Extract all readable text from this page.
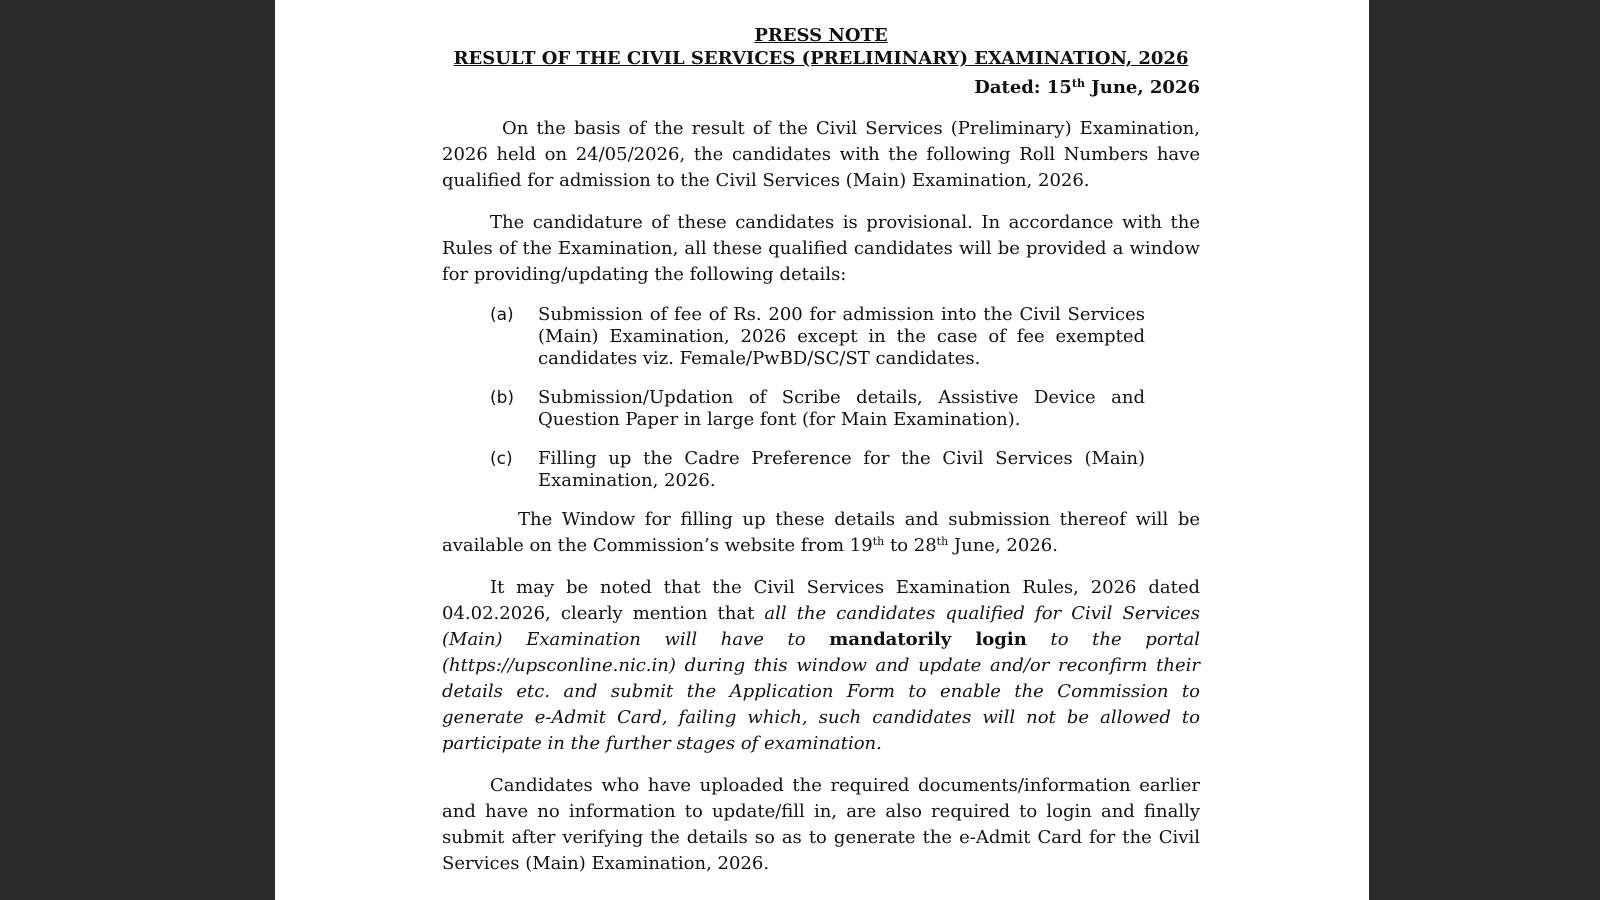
PRESS NOTE
RESULT OF THE CIVIL SERVICES (PRELIMINARY) EXAMINATION, 2026
Dated: 15th June, 2026

On the basis of the result of the Civil Services (Preliminary) Examination, 2026 held on 24/05/2026, the candidates with the following Roll Numbers have qualified for admission to the Civil Services (Main) Examination, 2026.

The candidature of these candidates is provisional. In accordance with the Rules of the Examination, all these qualified candidates will be provided a window for providing/updating the following details:

(a)	Submission of fee of Rs. 200 for admission into the Civil Services (Main) Examination, 2026 except in the case of fee exempted candidates viz. Female/PwBD/SC/ST candidates.
(b)	Submission/Updation of Scribe details, Assistive Device and Question Paper in large font (for Main Examination).
(c)	Filling up the Cadre Preference for the Civil Services (Main) Examination, 2026.

The Window for filling up these details and submission thereof will be available on the Commission’s website from 19th to 28th June, 2026.

It may be noted that the Civil Services Examination Rules, 2026 dated 04.02.2026, clearly mention that all the candidates qualified for Civil Services (Main) Examination will have to mandatorily login to the portal (https://upsconline.nic.in) during this window and update and/or reconfirm their details etc. and submit the Application Form to enable the Commission to generate e-Admit Card, failing which, such candidates will not be allowed to participate in the further stages of examination.

Candidates who have uploaded the required documents/information earlier and have no information to update/fill in, are also required to login and finally submit after verifying the details so as to generate the e-Admit Card for the Civil Services (Main) Examination, 2026.
